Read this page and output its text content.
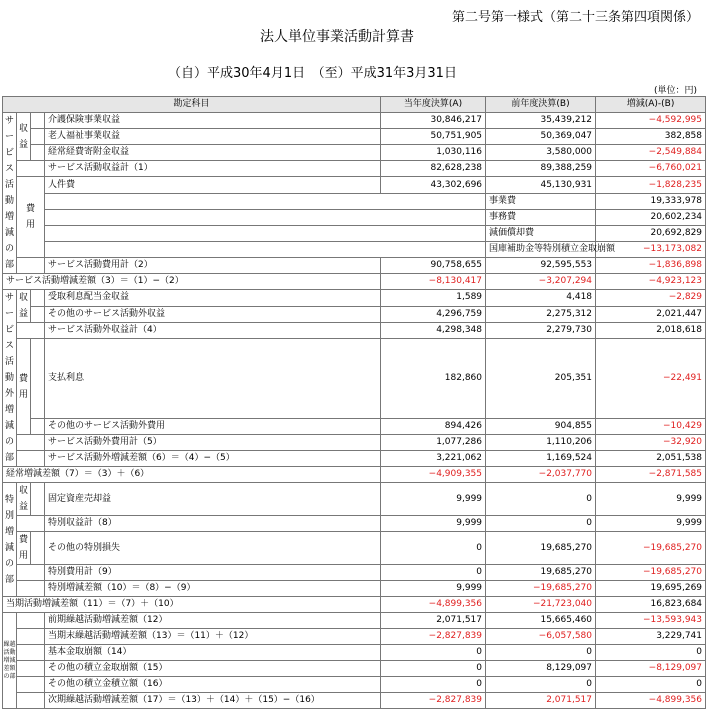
第二号第一様式（第二十三条第四項関係）
法人単位事業活動計算書
（自）平成30年4月1日　（至）平成31年3月31日
(単位：円)
勘定科目				当年度決算(A)	前年度決算(B)	増減(A)-(B)	

サービス活動増減の部	収益		介護保険事業収益	30,846,217	35,439,212	−4,592,995	
			老人福祉事業収益	50,751,905	50,369,047	382,858	
			経常経費寄附金収益	1,030,116	3,580,000	−2,549,884	
			サービス活動収益計（1）	82,628,238	89,388,259	−6,760,021	

	費用		人件費	43,302,696	45,130,931	−1,828,235	
					事業費	19,333,978		
					事務費	20,602,234		
					減価償却費	20,692,829		
					国庫補助金等特別積立金取崩額	−13,173,082		
			サービス活動費用計（2）	90,758,655	92,595,553	−1,836,898	
サービス活動増減差額（3）＝（1）−（2）				−8,130,417	−3,207,294	−4,923,123	

サービス活動外増減の部	収益		受取利息配当金収益	1,589	4,418	−2,829	
			その他のサービス活動外収益	4,296,759	2,275,312	2,021,447	
			サービス活動外収益計（4）	4,298,348	2,279,730	2,018,618	

	費用		支払利息	182,860	205,351	−22,491	
			その他のサービス活動外費用	894,426	904,855	−10,429	
			サービス活動外費用計（5）	1,077,286	1,110,206	−32,920	
			サービス活動外増減差額（6）＝（4）−（5）	3,221,062	1,169,524	2,051,538	
経常増減差額（7）＝（3）＋（6）				−4,909,355	−2,037,770	−2,871,585	

特別増減の部	収益		固定資産売却益	9,999	0	9,999	
			特別収益計（8）	9,999	0	9,999	

	費用		その他の特別損失	0	19,685,270	−19,685,270	
			特別費用計（9）	0	19,685,270	−19,685,270	
			特別増減差額（10）＝（8）−（9）	9,999	−19,685,270	19,695,269	
当期活動増減差額（11）＝（7）＋（10）				−4,899,356	−21,723,040	16,823,684	

繰越活動増減差額の部			前期繰越活動増減差額（12）	2,071,517	15,665,460	−13,593,943	
			当期末繰越活動増減差額（13）＝（11）＋（12）	−2,827,839	−6,057,580	3,229,741	
			基本金取崩額（14）	0	0	0	
			その他の積立金取崩額（15）	0	8,129,097	−8,129,097	
			その他の積立金積立額（16）	0	0	0	
			次期繰越活動増減差額（17）＝（13）＋（14）＋（15）−（16）	−2,827,839	2,071,517	−4,899,356	
